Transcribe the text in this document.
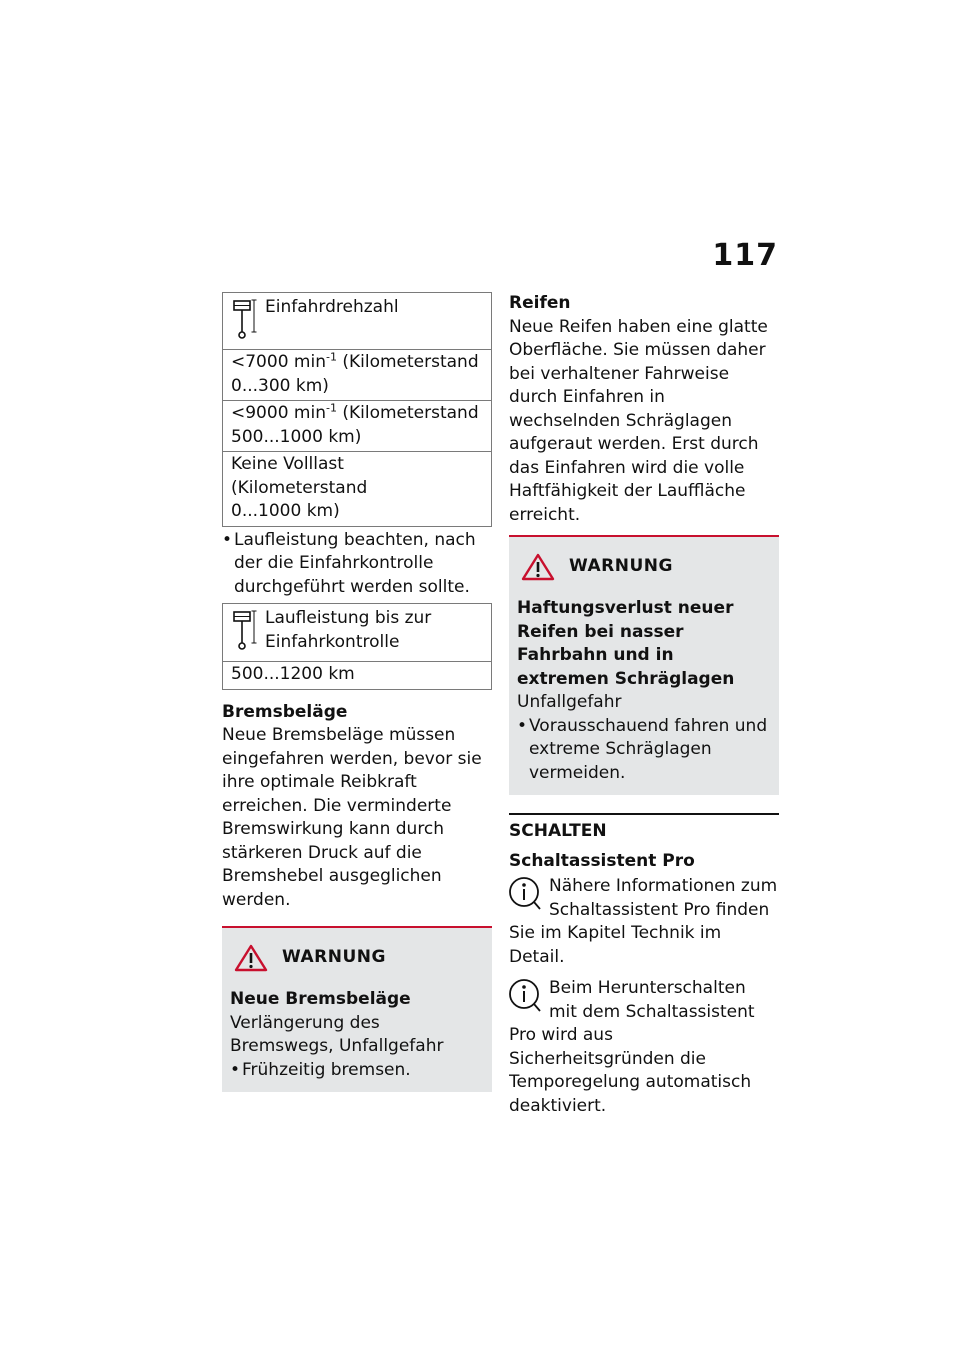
117
Einfahrdrehzahl
<7000 $\min^{-1}$ (Kilometerstand
0...300 km)
<9000 $\min^{-1}$ (Kilometerstand
500...1000 km)
Keine Volllast (Kilometerstand
0...1000 km)
• Laufleistung beachten, nach der die Einfahrkontrolle durchgeführt werden sollte.
Laufleistung bis zur Einfahrkontrolle
500...1200 km

Bremsbeläge

Neue Bremsbeläge müssen eingefahren werden, bevor sie ihre optimale Reibkraft erreichen. Die verminderte Bremswirkung kann durch stärkeren Druck auf die Bremshebel ausgeglichen werden.

WARNUNG

Neue Bremsbeläge

Verlängerung des Bremswegs, Unfallgefahr

• Frühzeitig bremsen.

Reifen

Neue Reifen haben eine glatte Oberfläche. Sie müssen daher bei verhaltener Fahrweise durch Einfahren in wechselnden Schräglagen aufgeraut werden. Erst durch das Einfahren wird die volle Haftfähigkeit der Lauffläche erreicht.

WARNUNG

Haftungsverlust neuer Reifen bei nasser Fahrbahn und in extremen Schräglagen

Unfallgefahr

• Vorausschauend fahren und extreme Schräglagen vermeiden.
SCHALTEN

Schaltassistent Pro

Nähere Informationen zum Schaltassistent Pro finden Sie im Kapitel Technik im Detail.
Beim Herunterschalten mit dem Schaltassistent Pro wird aus Sicherheitsgründen die Temporegelung automatisch deaktiviert.
